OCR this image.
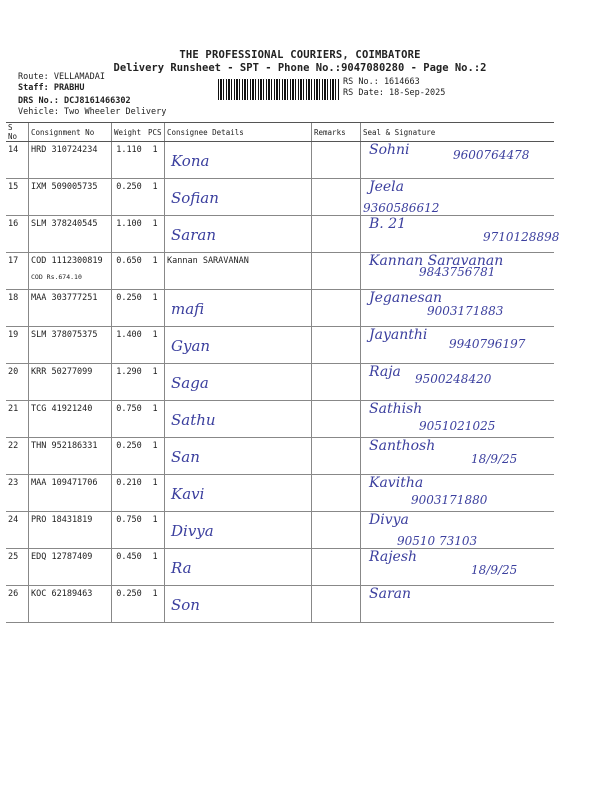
THE PROFESSIONAL COURIERS, COIMBATORE
Delivery Runsheet - SPT - Phone No.:9047080280 - Page No.:2
Route: VELLAMADAI
Staff: PRABHU
DRS No.: DCJ8161466302
Vehicle: Two Wheeler Delivery
RS No.: 1614663
RS Date: 18-Sep-2025
S No	Consignment No	Weight	PCS	Consignee Details	Remarks	Seal & Signature
14	HRD 310724234	1.110	1	Kona		Sohni 9600764478

15	IXM 509005735	0.250	1	Sofian		Jeela
9360586612

16	SLM 378240545	1.100	1	Saran		B. 21
9710128898

17	COD 1112300819
COD Rs.674.10	0.650	1	Kannan SARAVANAN		Kannan Saravanan
9843756781

18	MAA 303777251	0.250	1	mafi		Jeganesan
9003171883

19	SLM 378075375	1.400	1	Gyan		Jayanthi
9940796197

20	KRR 50277099	1.290	1	Saga		Raja 9500248420

21	TCG 41921240	0.750	1	Sathu		Sathish
9051021025

22	THN 952186331	0.250	1	San		Santhosh
18/9/25

23	MAA 109471706	0.210	1	Kavi		Kavitha
9003171880

24	PRO 18431819	0.750	1	Divya		Divya
90510 73103

25	EDQ 12787409	0.450	1	Ra		Rajesh
18/9/25

26	KOC 62189463	0.250	1	Son		Saran
